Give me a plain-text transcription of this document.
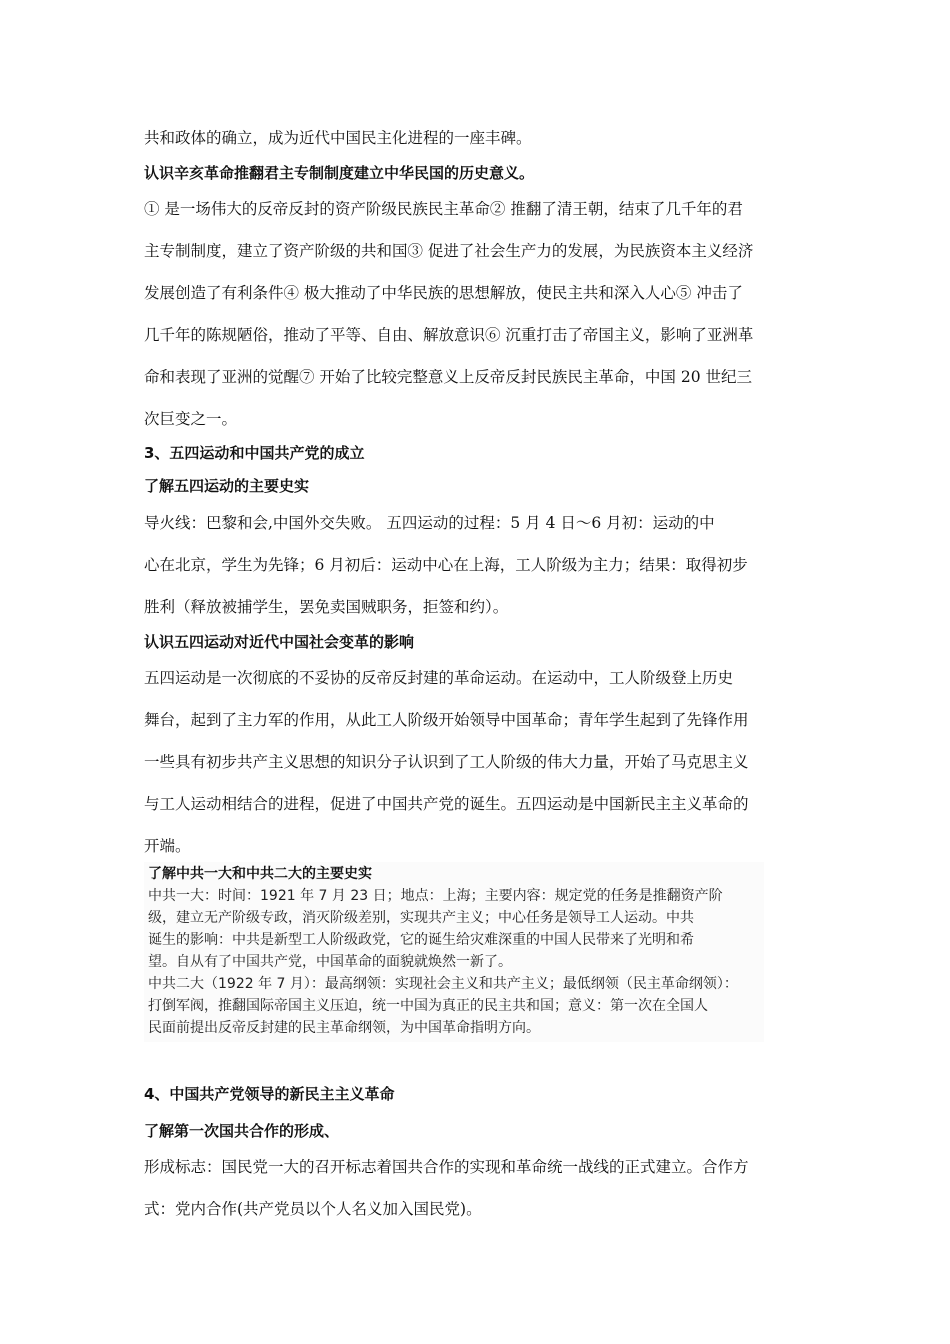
共和政体的确立，成为近代中国民主化进程的一座丰碑。
认识辛亥革命推翻君主专制制度建立中华民国的历史意义。
① 是一场伟大的反帝反封的资产阶级民族民主革命② 推翻了清王朝，结束了几千年的君
主专制制度，建立了资产阶级的共和国③ 促进了社会生产力的发展，为民族资本主义经济
发展创造了有利条件④ 极大推动了中华民族的思想解放，使民主共和深入人心⑤ 冲击了
几千年的陈规陋俗，推动了平等、自由、解放意识⑥ 沉重打击了帝国主义，影响了亚洲革
命和表现了亚洲的觉醒⑦ 开始了比较完整意义上反帝反封民族民主革命，中国 20 世纪三
次巨变之一。
3、五四运动和中国共产党的成立
了解五四运动的主要史实
导火线：巴黎和会,中国外交失败。 五四运动的过程：5 月 4 日～6 月初：运动的中
心在北京，学生为先锋；6 月初后：运动中心在上海，工人阶级为主力；结果：取得初步
胜利（释放被捕学生，罢免卖国贼职务，拒签和约）。
认识五四运动对近代中国社会变革的影响
五四运动是一次彻底的不妥协的反帝反封建的革命运动。在运动中，工人阶级登上历史
舞台，起到了主力军的作用，从此工人阶级开始领导中国革命；青年学生起到了先锋作用
一些具有初步共产主义思想的知识分子认识到了工人阶级的伟大力量，开始了马克思主义
与工人运动相结合的进程，促进了中国共产党的诞生。五四运动是中国新民主主义革命的
开端。
了解中共一大和中共二大的主要史实
中共一大：时间：1921 年 7 月 23 日；地点：上海；主要内容：规定党的任务是推翻资产阶
级，建立无产阶级专政，消灭阶级差别，实现共产主义；中心任务是领导工人运动。中共
诞生的影响：中共是新型工人阶级政党，它的诞生给灾难深重的中国人民带来了光明和希
望。自从有了中国共产党，中国革命的面貌就焕然一新了。
中共二大（1922 年 7 月）：最高纲领：实现社会主义和共产主义；最低纲领（民主革命纲领）：
打倒军阀，推翻国际帝国主义压迫，统一中国为真正的民主共和国；意义：第一次在全国人
民面前提出反帝反封建的民主革命纲领，为中国革命指明方向。
4、中国共产党领导的新民主主义革命
了解第一次国共合作的形成、
形成标志：国民党一大的召开标志着国共合作的实现和革命统一战线的正式建立。合作方
式：党内合作(共产党员以个人名义加入国民党)。
